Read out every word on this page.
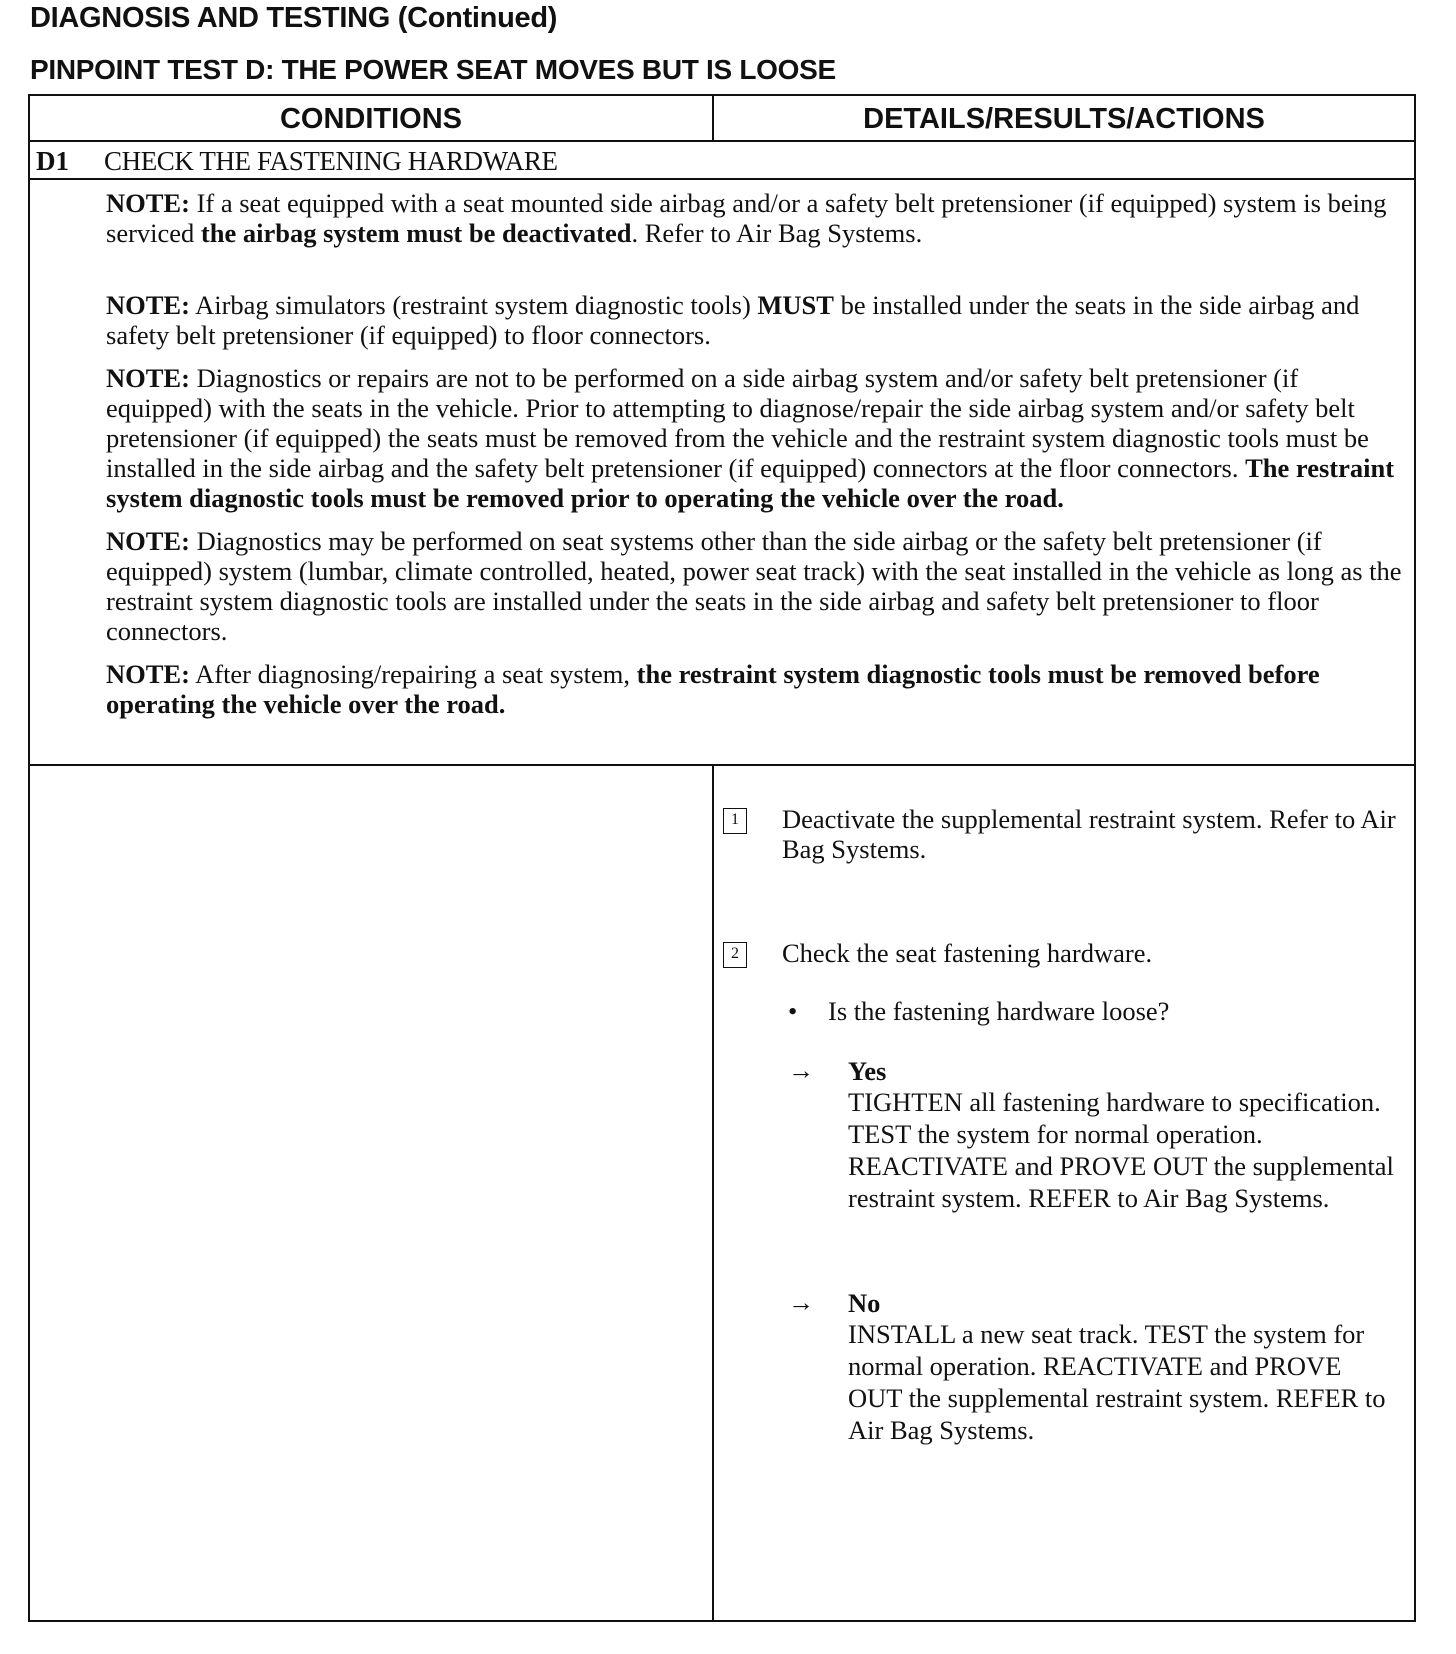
DIAGNOSIS AND TESTING (Continued)
PINPOINT TEST D: THE POWER SEAT MOVES BUT IS LOOSE
CONDITIONS	DETAILS/RESULTS/ACTIONS
D1 CHECK THE FASTENING HARDWARE

NOTE: If a seat equipped with a seat mounted side airbag and/or a safety belt pretensioner (if equipped) system is being serviced the airbag system must be deactivated. Refer to Air Bag Systems.

NOTE: Airbag simulators (restraint system diagnostic tools) MUST be installed under the seats in the side airbag and safety belt pretensioner (if equipped) to floor connectors.

NOTE: Diagnostics or repairs are not to be performed on a side airbag system and/or safety belt pretensioner (if equipped) with the seats in the vehicle. Prior to attempting to diagnose/repair the side airbag system and/or safety belt pretensioner (if equipped) the seats must be removed from the vehicle and the restraint system diagnostic tools must be installed in the side airbag and the safety belt pretensioner (if equipped) connectors at the floor connectors. The restraint system diagnostic tools must be removed prior to operating the vehicle over the road.

NOTE: Diagnostics may be performed on seat systems other than the side airbag or the safety belt pretensioner (if equipped) system (lumbar, climate controlled, heated, power seat track) with the seat installed in the vehicle as long as the restraint system diagnostic tools are installed under the seats in the side airbag and safety belt pretensioner to floor connectors.

NOTE: After diagnosing/repairing a seat system, the restraint system diagnostic tools must be removed before operating the vehicle over the road.

1	Deactivate the supplemental restraint system. Refer to Air Bag Systems.
2	Check the seat fastening hardware.
• Is the fastening hardware loose?
→ Yes
TIGHTEN all fastening hardware to specification. TEST the system for normal operation. REACTIVATE and PROVE OUT the supplemental restraint system. REFER to Air Bag Systems.
→ No
INSTALL a new seat track. TEST the system for normal operation. REACTIVATE and PROVE OUT the supplemental restraint system. REFER to Air Bag Systems.
